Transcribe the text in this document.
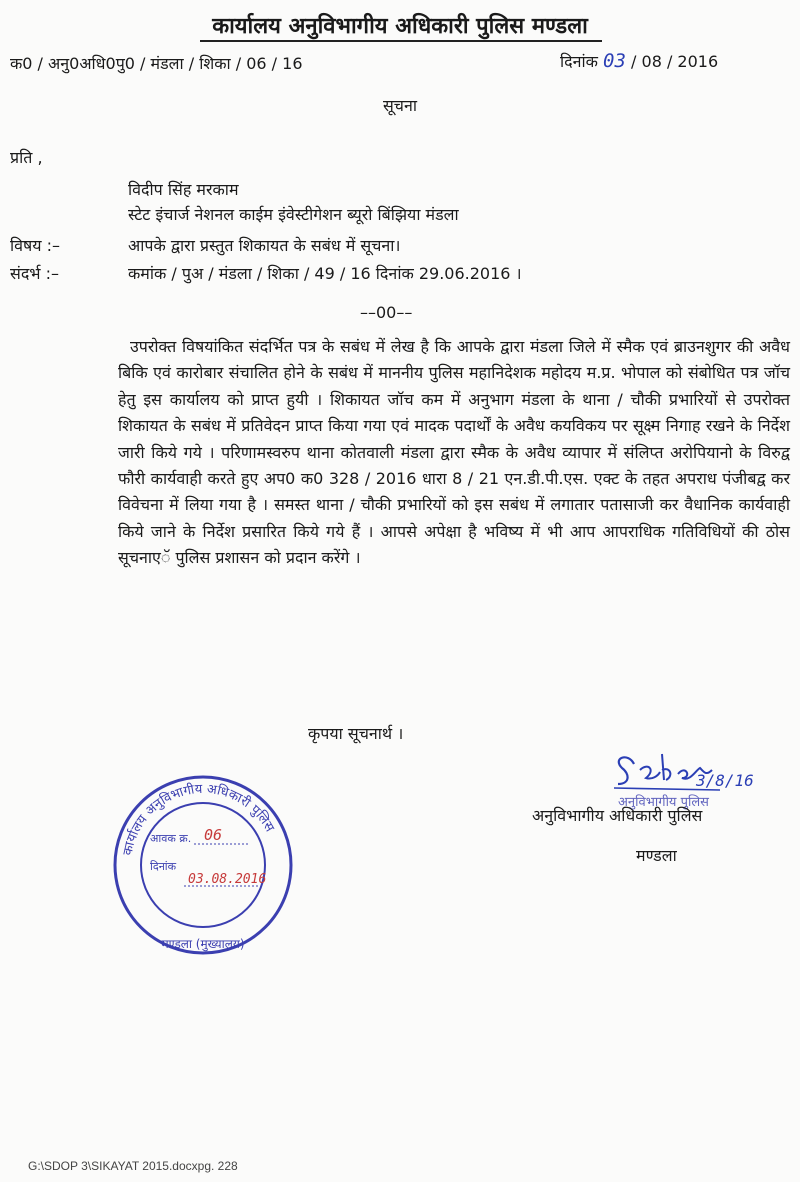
कार्यालय अनुविभागीय अधिकारी पुलिस मण्डला
क0 / अनु0अधि0पु0 / मंडला / शिका / 06 / 16	दिनांक 03 / 08 / 2016
सूचना
प्रति ,
विदीप सिंह मरकाम
स्टेट इंचार्ज नेशनल काईम इंवेस्टीगेशन ब्यूरो बिंझिया मंडला
विषय :–	आपके द्वारा प्रस्तुत शिकायत के सबंध में सूचना।
संदर्भ :–	कमांक / पुअ / मंडला / शिका / 49 / 16 दिनांक 29.06.2016 ।
––00––
उपरोक्त विषयांकित संदर्भित पत्र के सबंध में लेख है कि आपके द्वारा मंडला जिले में स्मैक एवं ब्राउनशुगर की अवैध बिकि एवं कारोबार संचालित होने के सबंध में माननीय पुलिस महानिदेशक महोदय म.प्र. भोपाल को संबोधित पत्र जॉच हेतु इस कार्यालय को प्राप्त हुयी । शिकायत जॉच कम में अनुभाग मंडला के थाना / चौकी प्रभारियों से उपरोक्त शिकायत के सबंध में प्रतिवेदन प्राप्त किया गया एवं मादक पदार्थों के अवैध कयविकय पर सूक्ष्म निगाह रखने के निर्देश जारी किये गये । परिणामस्वरुप थाना कोतवाली मंडला द्वारा स्मैक के अवैध व्यापार में संलिप्त अरोपियानो के विरुद्व फौरी कार्यवाही करते हुए अप0 क0 328 / 2016 धारा 8 / 21 एन.डी.पी.एस. एक्ट के तहत अपराध पंजीबद्व कर विवेचना में लिया गया है । समस्त थाना / चौकी प्रभारियों को इस सबंध में लगातार पतासाजी कर वैधानिक कार्यवाही किये जाने के निर्देश प्रसारित किये गये हैं । आपसे अपेक्षा है भविष्य में भी आप आपराधिक गतिविधियों की ठोस सूचनाएॅ पुलिस प्रशासन को प्रदान करेंगे ।
कृपया सूचनार्थ ।
3/8/16
अनुविभागीय पुलिस
अनुविभागीय अधिकारी पुलिस
मण्डला
कार्यालय अनुविभागीय अधिकारी पुलिस
मण्डला (मुख्यालय)
आवक क्र. 06
दिनांक
03.08.2016
G:\SDOP 3\SIKAYAT 2015.docxpg. 228
